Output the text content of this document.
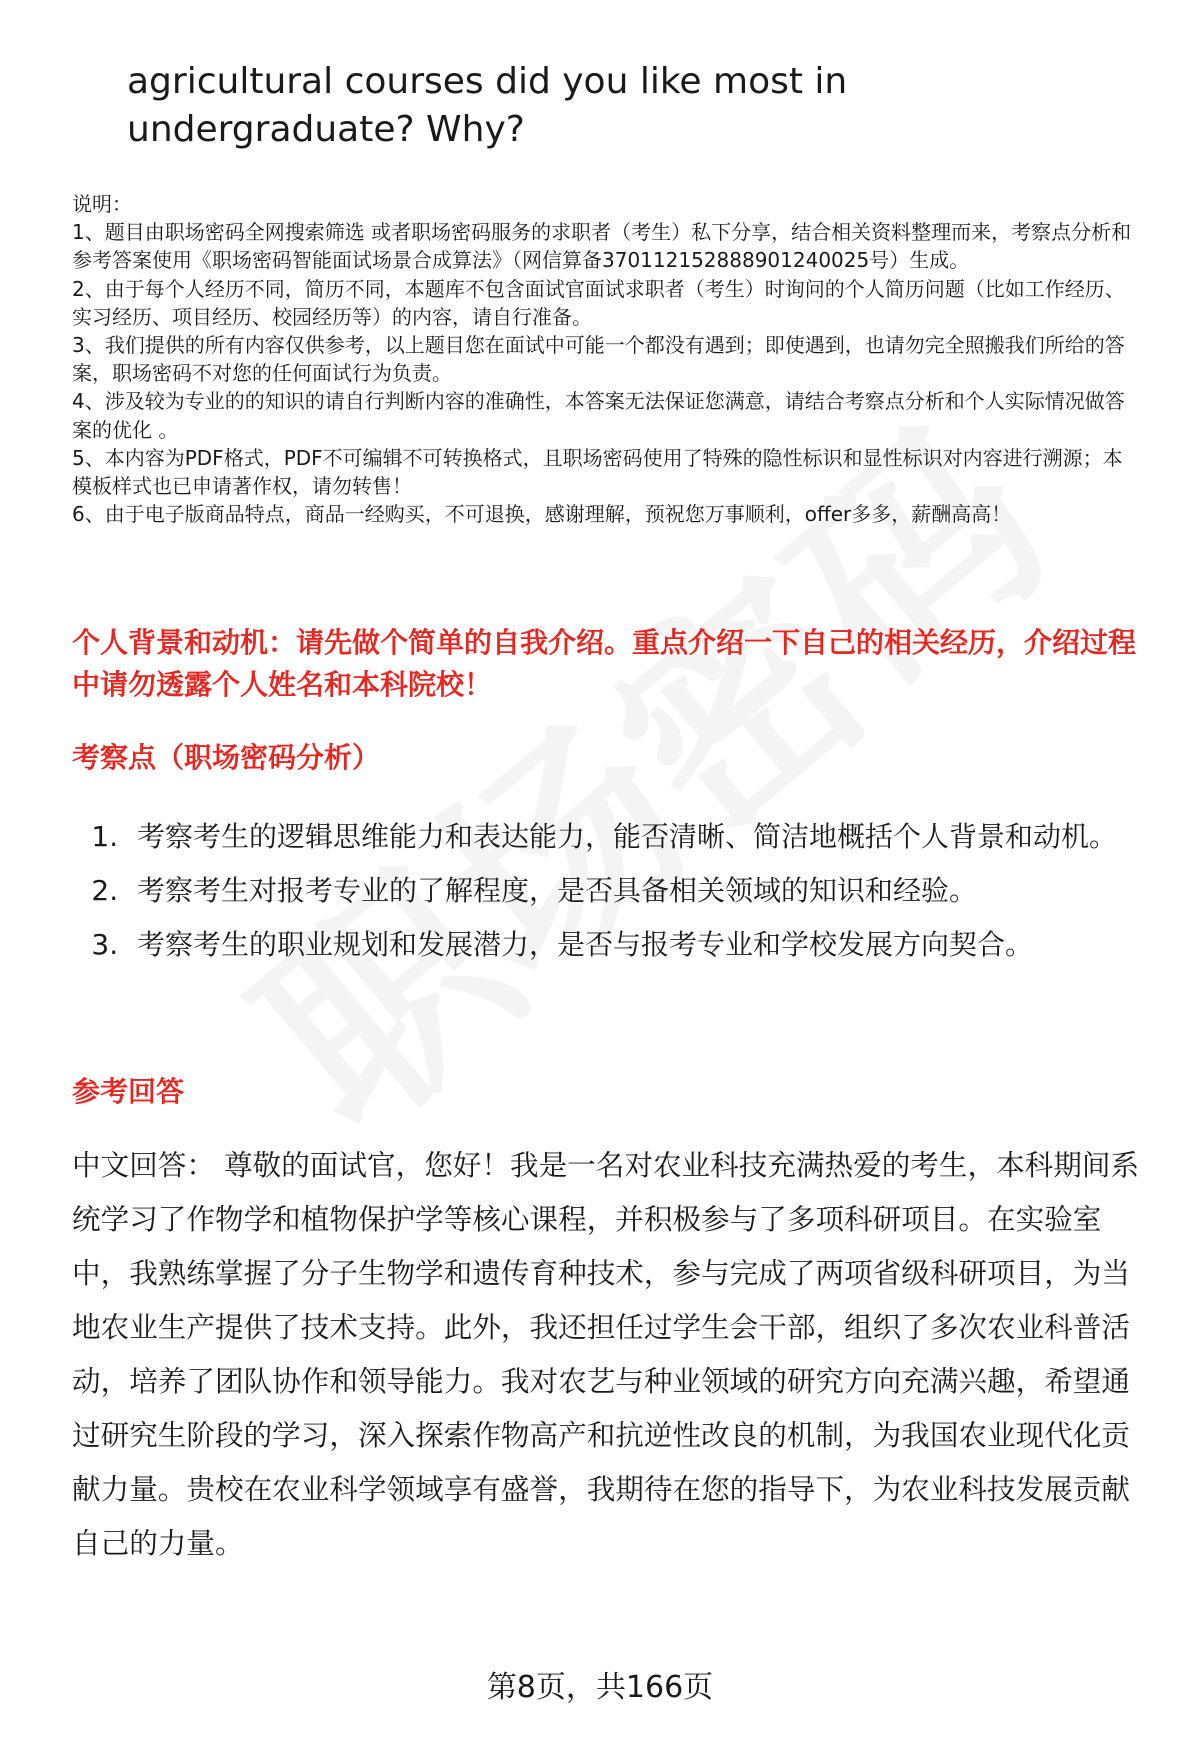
agricultural courses did you like most in undergraduate? Why?
说明：
1、题目由职场密码全网搜索筛选 或者职场密码服务的求职者（考生）私下分享，结合相关资料整理而来，考察点分析和参考答案使用《职场密码智能面试场景合成算法》（网信算备370112152888901240025号）生成。
2、由于每个人经历不同，简历不同，本题库不包含面试官面试求职者（考生）时询问的个人简历问题（比如工作经历、实习经历、项目经历、校园经历等）的内容，请自行准备。
3、我们提供的所有内容仅供参考，以上题目您在面试中可能一个都没有遇到；即使遇到，也请勿完全照搬我们所给的答案，职场密码不对您的任何面试行为负责。
4、涉及较为专业的的知识的请自行判断内容的准确性，本答案无法保证您满意，请结合考察点分析和个人实际情况做答案的优化 。
5、本内容为PDF格式，PDF不可编辑不可转换格式，且职场密码使用了特殊的隐性标识和显性标识对内容进行溯源；本模板样式也已申请著作权，请勿转售！
6、由于电子版商品特点，商品一经购买，不可退换，感谢理解，预祝您万事顺利，offer多多，薪酬高高！
个人背景和动机：请先做个简单的自我介绍。重点介绍一下自己的相关经历，介绍过程中请勿透露个人姓名和本科院校！
考察点（职场密码分析）
1. 考察考生的逻辑思维能力和表达能力，能否清晰、简洁地概括个人背景和动机。
2. 考察考生对报考专业的了解程度，是否具备相关领域的知识和经验。
3. 考察考生的职业规划和发展潜力，是否与报考专业和学校发展方向契合。
参考回答
中文回答： 尊敬的面试官，您好！我是一名对农业科技充满热爱的考生，本科期间系统学习了作物学和植物保护学等核心课程，并积极参与了多项科研项目。在实验室中，我熟练掌握了分子生物学和遗传育种技术，参与完成了两项省级科研项目，为当地农业生产提供了技术支持。此外，我还担任过学生会干部，组织了多次农业科普活动，培养了团队协作和领导能力。我对农艺与种业领域的研究方向充满兴趣，希望通过研究生阶段的学习，深入探索作物高产和抗逆性改良的机制，为我国农业现代化贡献力量。贵校在农业科学领域享有盛誉，我期待在您的指导下，为农业科技发展贡献自己的力量。
第8页，共166页
